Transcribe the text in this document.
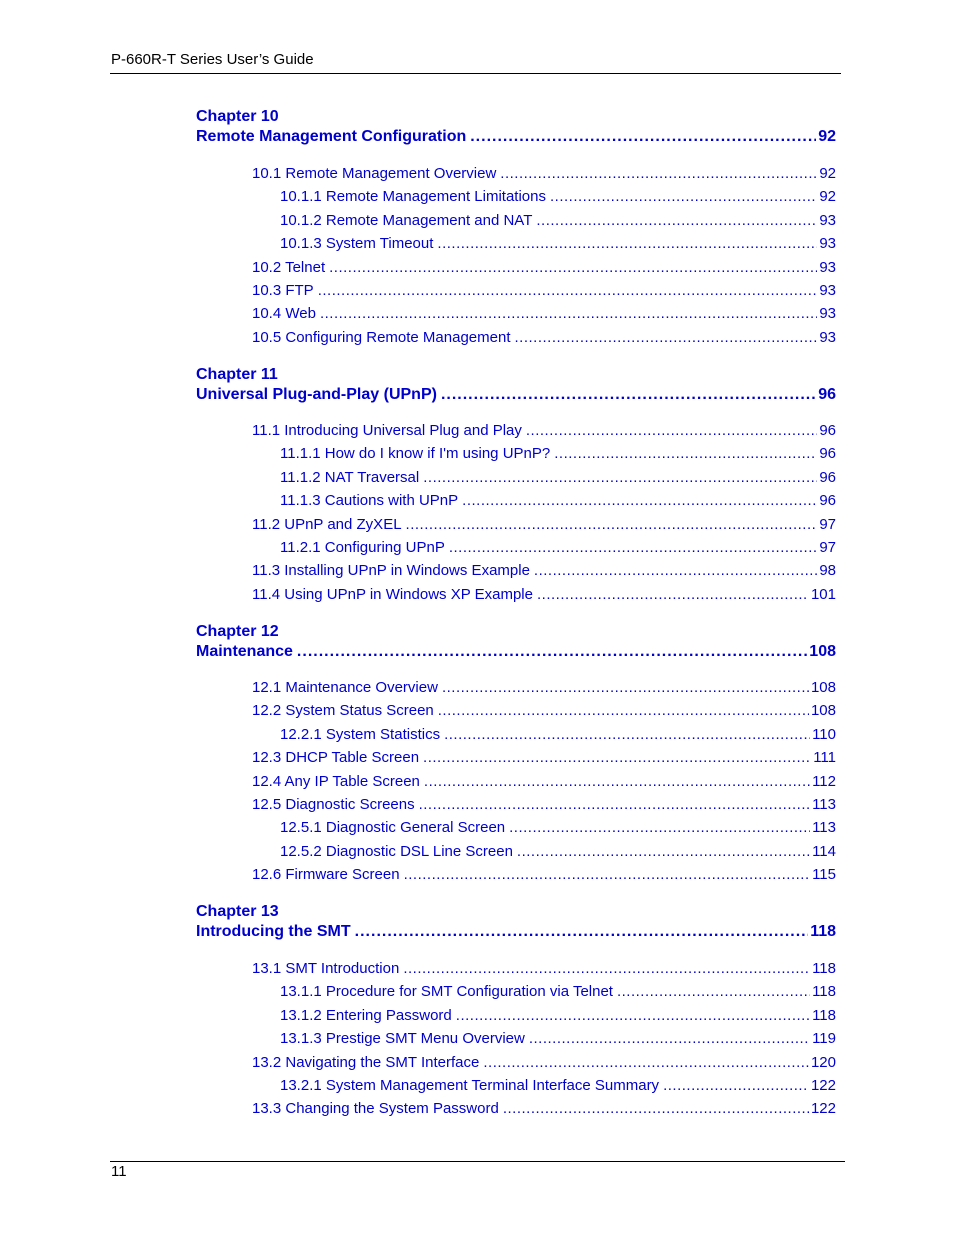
P-660R-T Series User’s Guide
Chapter 10
Remote Management Configuration .....	92
10.1 Remote Management Overview .....	92
10.1.1 Remote Management Limitations .....	92
10.1.2 Remote Management and NAT .....	93
10.1.3 System Timeout .....	93
10.2 Telnet .....	93
10.3 FTP .....	93
10.4 Web .....	93
10.5 Configuring Remote Management .....	93
Chapter 11
Universal Plug-and-Play (UPnP) .....	96
11.1 Introducing Universal Plug and Play .....	96
11.1.1 How do I know if I'm using UPnP? .....	96
11.1.2 NAT Traversal .....	96
11.1.3 Cautions with UPnP .....	96
11.2 UPnP and ZyXEL .....	97
11.2.1 Configuring UPnP .....	97
11.3 Installing UPnP in Windows Example .....	98
11.4 Using UPnP in Windows XP Example .....	101
Chapter 12
Maintenance .....	108
12.1 Maintenance Overview .....	108
12.2 System Status Screen .....	108
12.2.1 System Statistics .....	110
12.3 DHCP Table Screen .....	111
12.4 Any IP Table Screen .....	112
12.5 Diagnostic Screens .....	113
12.5.1 Diagnostic General Screen .....	113
12.5.2 Diagnostic DSL Line Screen .....	114
12.6 Firmware Screen .....	115
Chapter 13
Introducing the SMT .....	118
13.1 SMT Introduction .....	118
13.1.1 Procedure for SMT Configuration via Telnet .....	118
13.1.2 Entering Password .....	118
13.1.3 Prestige SMT Menu Overview .....	119
13.2 Navigating the SMT Interface .....	120
13.2.1 System Management Terminal Interface Summary .....	122
13.3 Changing the System Password .....	122
11
